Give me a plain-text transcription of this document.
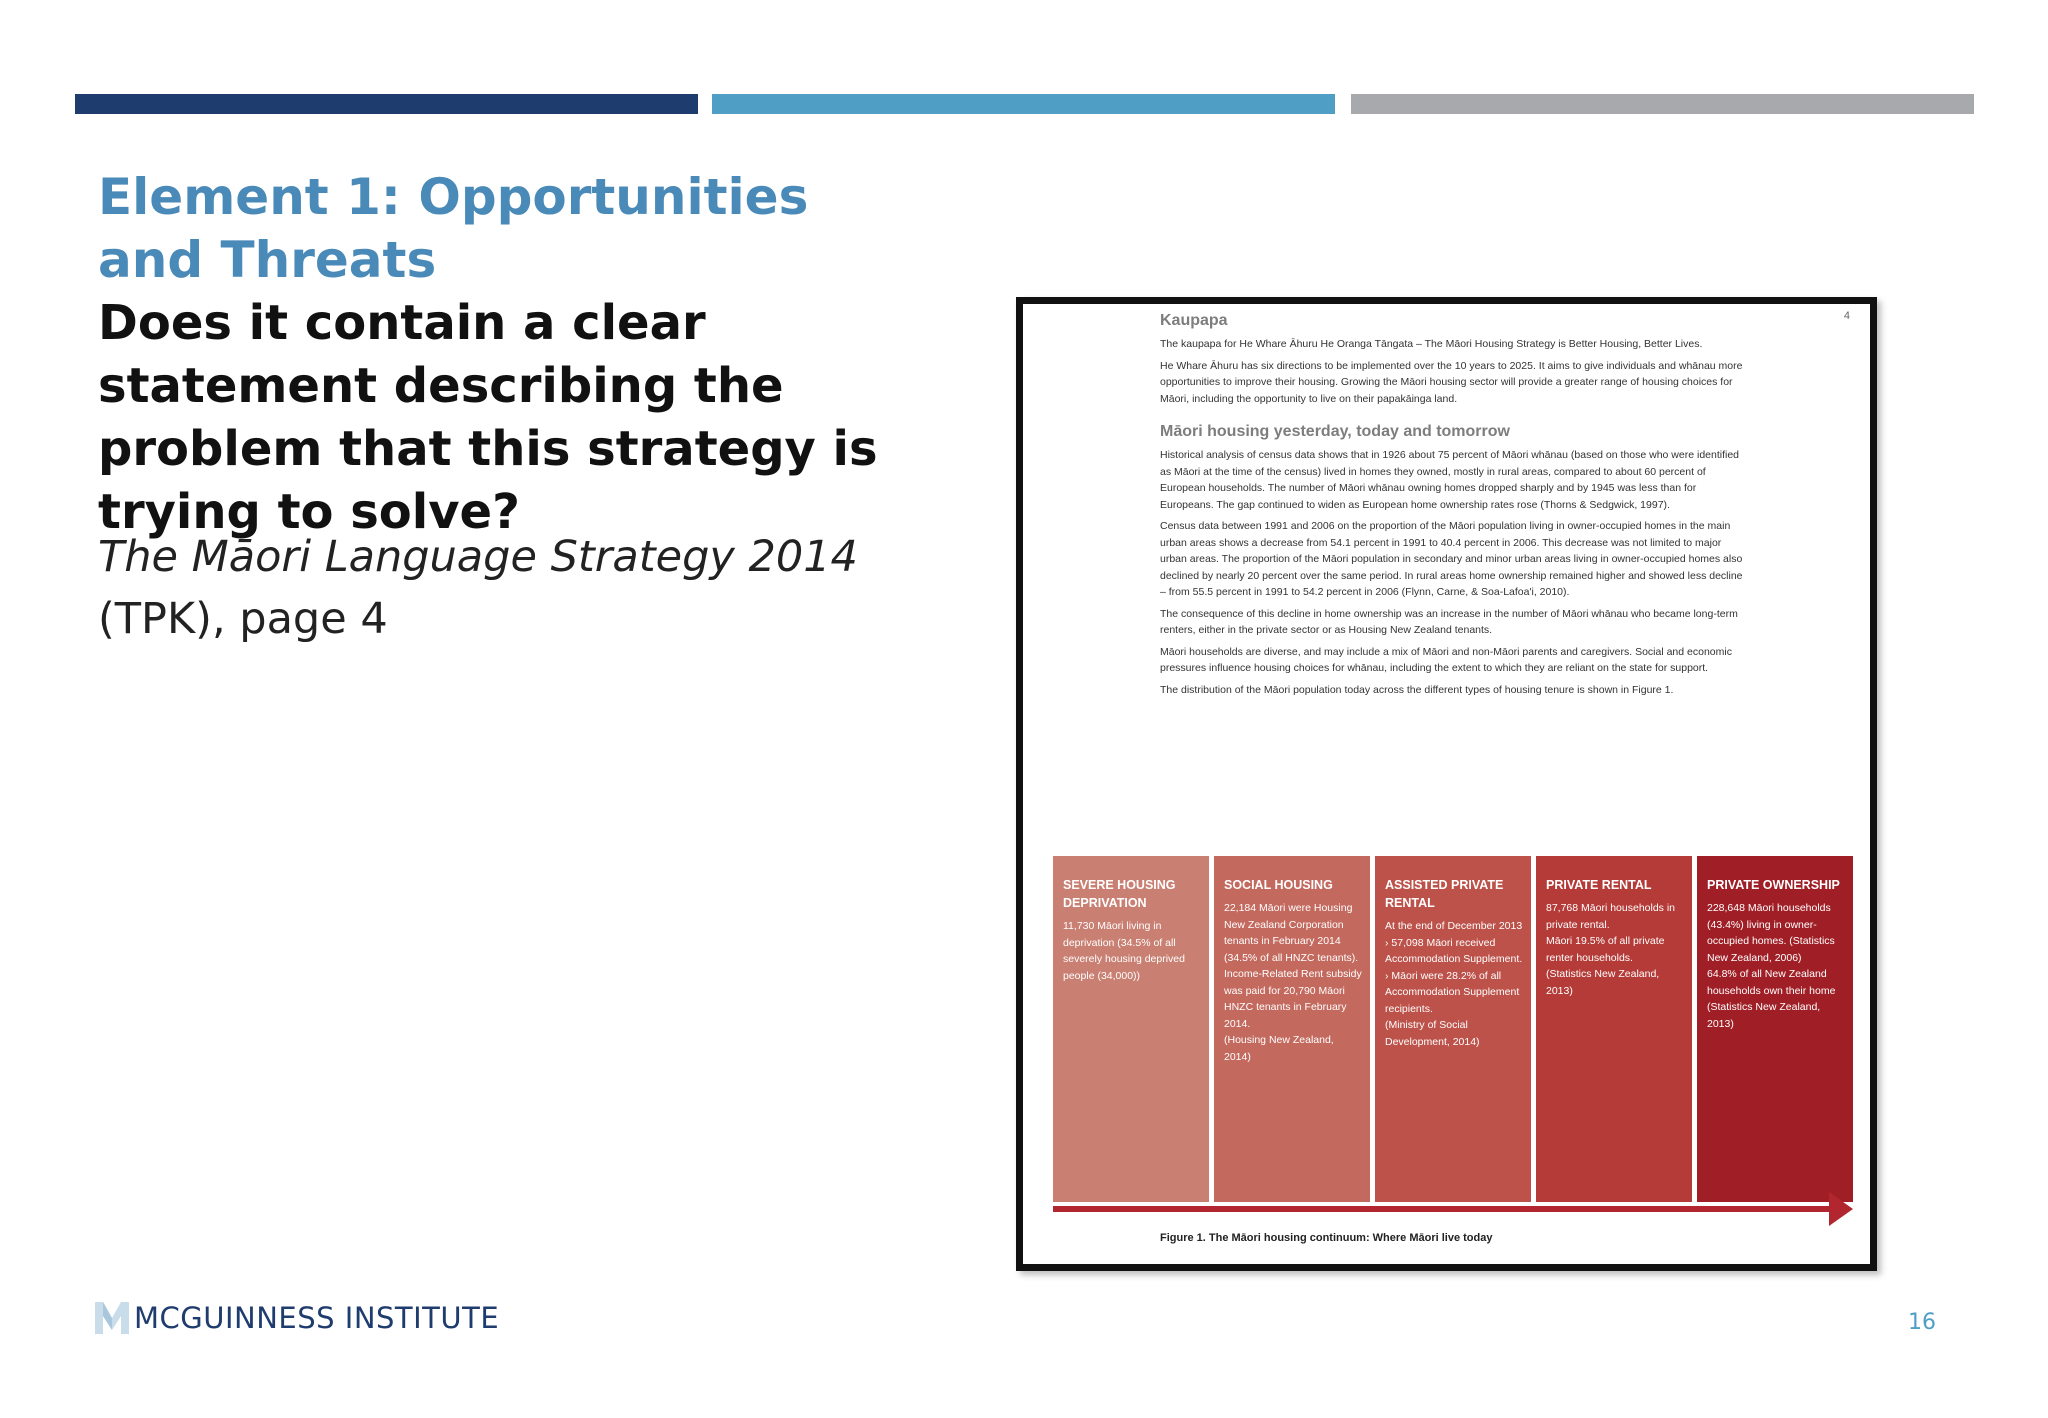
Element 1: Opportunities and Threats
Does it contain a clear statement describing the problem that this strategy is trying to solve?

The Māori Language Strategy 2014
(TPK), page 4

4
Kaupapa

The kaupapa for He Whare Āhuru He Oranga Tāngata – The Māori Housing Strategy is Better Housing, Better Lives.

He Whare Āhuru has six directions to be implemented over the 10 years to 2025. It aims to give individuals and whānau more opportunities to improve their housing. Growing the Māori housing sector will provide a greater range of housing choices for Māori, including the opportunity to live on their papakāinga land.

Māori housing yesterday, today and tomorrow

Historical analysis of census data shows that in 1926 about 75 percent of Māori whānau (based on those who were identified as Māori at the time of the census) lived in homes they owned, mostly in rural areas, compared to about 60 percent of European households. The number of Māori whānau owning homes dropped sharply and by 1945 was less than for Europeans. The gap continued to widen as European home ownership rates rose (Thorns & Sedgwick, 1997).

Census data between 1991 and 2006 on the proportion of the Māori population living in owner-occupied homes in the main urban areas shows a decrease from 54.1 percent in 1991 to 40.4 percent in 2006. This decrease was not limited to major urban areas. The proportion of the Māori population in secondary and minor urban areas living in owner-occupied homes also declined by nearly 20 percent over the same period. In rural areas home ownership remained higher and showed less decline – from 55.5 percent in 1991 to 54.2 percent in 2006 (Flynn, Carne, & Soa-Lafoa'i, 2010).

The consequence of this decline in home ownership was an increase in the number of Māori whānau who became long-term renters, either in the private sector or as Housing New Zealand tenants.

Māori households are diverse, and may include a mix of Māori and non-Māori parents and caregivers. Social and economic pressures influence housing choices for whānau, including the extent to which they are reliant on the state for support.

The distribution of the Māori population today across the different types of housing tenure is shown in Figure 1.

SEVERE HOUSING DEPRIVATION
11,730 Māori living in deprivation (34.5% of all severely housing deprived people (34,000))
SOCIAL HOUSING
22,184 Māori were Housing New Zealand Corporation tenants in February 2014 (34.5% of all HNZC tenants).
Income-Related Rent subsidy was paid for 20,790 Māori HNZC tenants in February 2014.
(Housing New Zealand, 2014)
ASSISTED PRIVATE RENTAL
At the end of December 2013
› 57,098 Māori received Accommodation Supplement.
› Māori were 28.2% of all Accommodation Supplement recipients.
(Ministry of Social Development, 2014)
PRIVATE RENTAL
87,768 Māori households in private rental.
Māori 19.5% of all private renter households.
(Statistics New Zealand, 2013)
PRIVATE OWNERSHIP
228,648 Māori households (43.4%) living in owner-occupied homes. (Statistics New Zealand, 2006)
64.8% of all New Zealand households own their home (Statistics New Zealand, 2013)
Figure 1. The Māori housing continuum: Where Māori live today
MCGUINNESS INSTITUTE	16
